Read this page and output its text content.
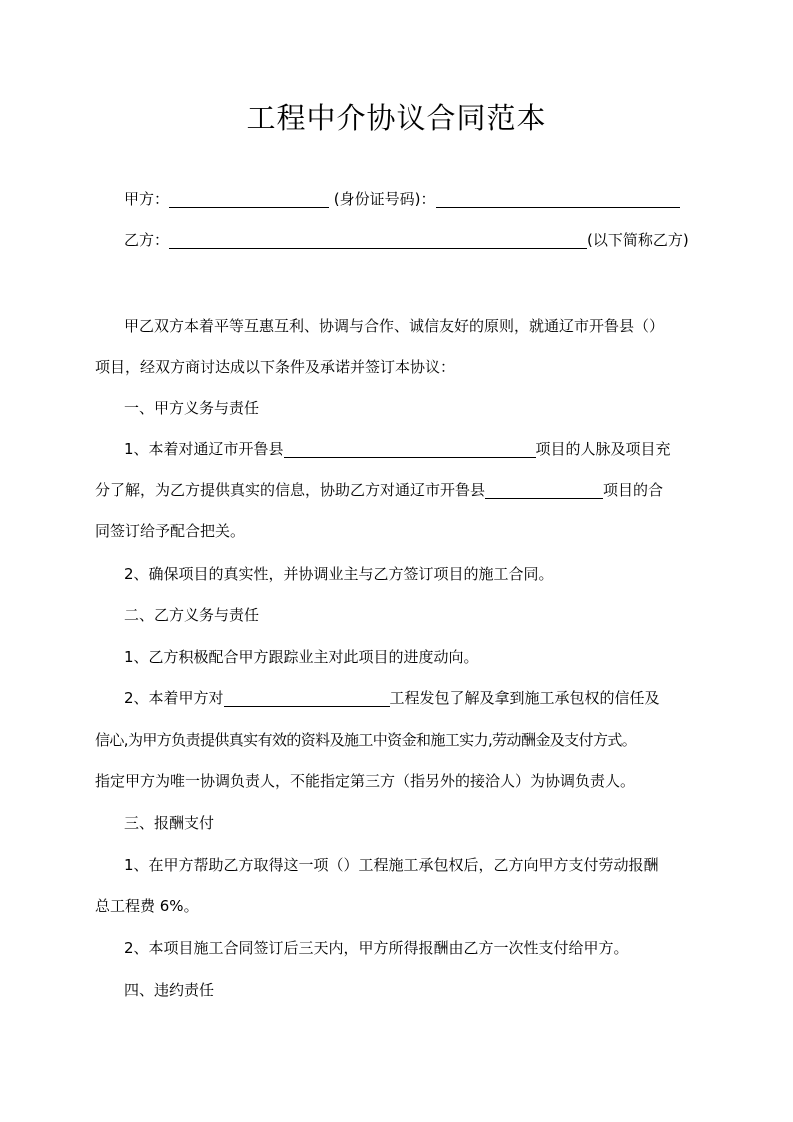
工程中介协议合同范本
甲方：	(身份证号码)：
乙方：	(以下简称乙方)
甲乙双方本着平等互惠互利、协调与合作、诚信友好的原则，就通辽市开鲁县（）
项目，经双方商讨达成以下条件及承诺并签订本协议：
一、甲方义务与责任
1、本着对通辽市开鲁县	项目的人脉及项目充
分了解，为乙方提供真实的信息，协助乙方对通辽市开鲁县	项目的合
同签订给予配合把关。
2、确保项目的真实性，并协调业主与乙方签订项目的施工合同。
二、乙方义务与责任
1、乙方积极配合甲方跟踪业主对此项目的进度动向。
2、本着甲方对	工程发包了解及拿到施工承包权的信任及
信心,为甲方负责提供真实有效的资料及施工中资金和施工实力,劳动酬金及支付方式。
指定甲方为唯一协调负责人，不能指定第三方（指另外的接洽人）为协调负责人。
三、报酬支付
1、在甲方帮助乙方取得这一项（）工程施工承包权后，乙方向甲方支付劳动报酬
总工程费 6%。
2、本项目施工合同签订后三天内，甲方所得报酬由乙方一次性支付给甲方。
四、违约责任
